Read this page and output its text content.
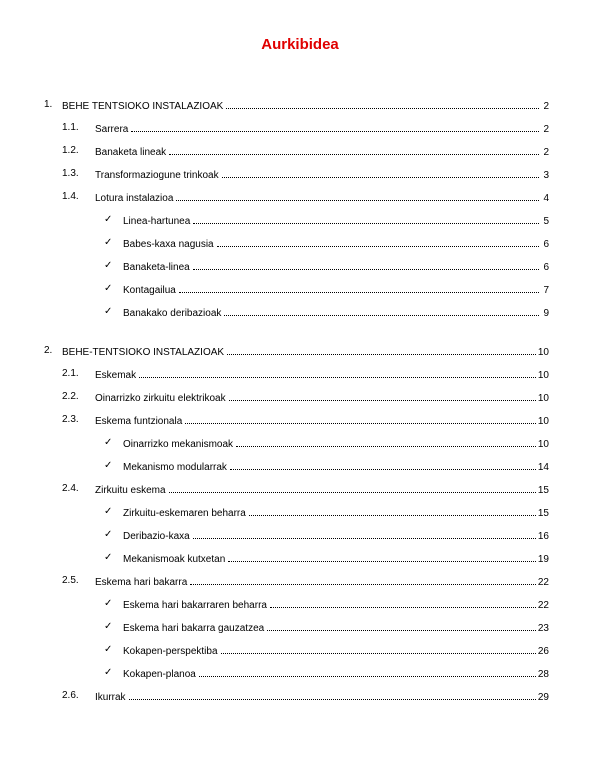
Aurkibidea
1. BEHE TENTSIOKO INSTALAZIOAK	2
1.1. Sarrera	2
1.2. Banaketa lineak	2
1.3. Transformaziogune trinkoak	3
1.4. Lotura instalazioa	4
✓ Linea-hartunea	5
✓ Babes-kaxa nagusia	6
✓ Banaketa-linea	6
✓ Kontagailua	7
✓ Banakako deribazioak	9
2. BEHE-TENTSIOKO INSTALAZIOAK	10
2.1. Eskemak	10
2.2. Oinarrizko zirkuitu elektrikoak	10
2.3. Eskema funtzionala	10
✓ Oinarrizko mekanismoak	10
✓ Mekanismo modularrak	14
2.4. Zirkuitu eskema	15
✓ Zirkuitu-eskemaren beharra	15
✓ Deribazio-kaxa	16
✓ Mekanismoak kutxetan	19
2.5. Eskema hari bakarra	22
✓ Eskema hari bakarraren beharra	22
✓ Eskema hari bakarra gauzatzea	23
✓ Kokapen-perspektiba	26
✓ Kokapen-planoa	28
2.6. Ikurrak	29
